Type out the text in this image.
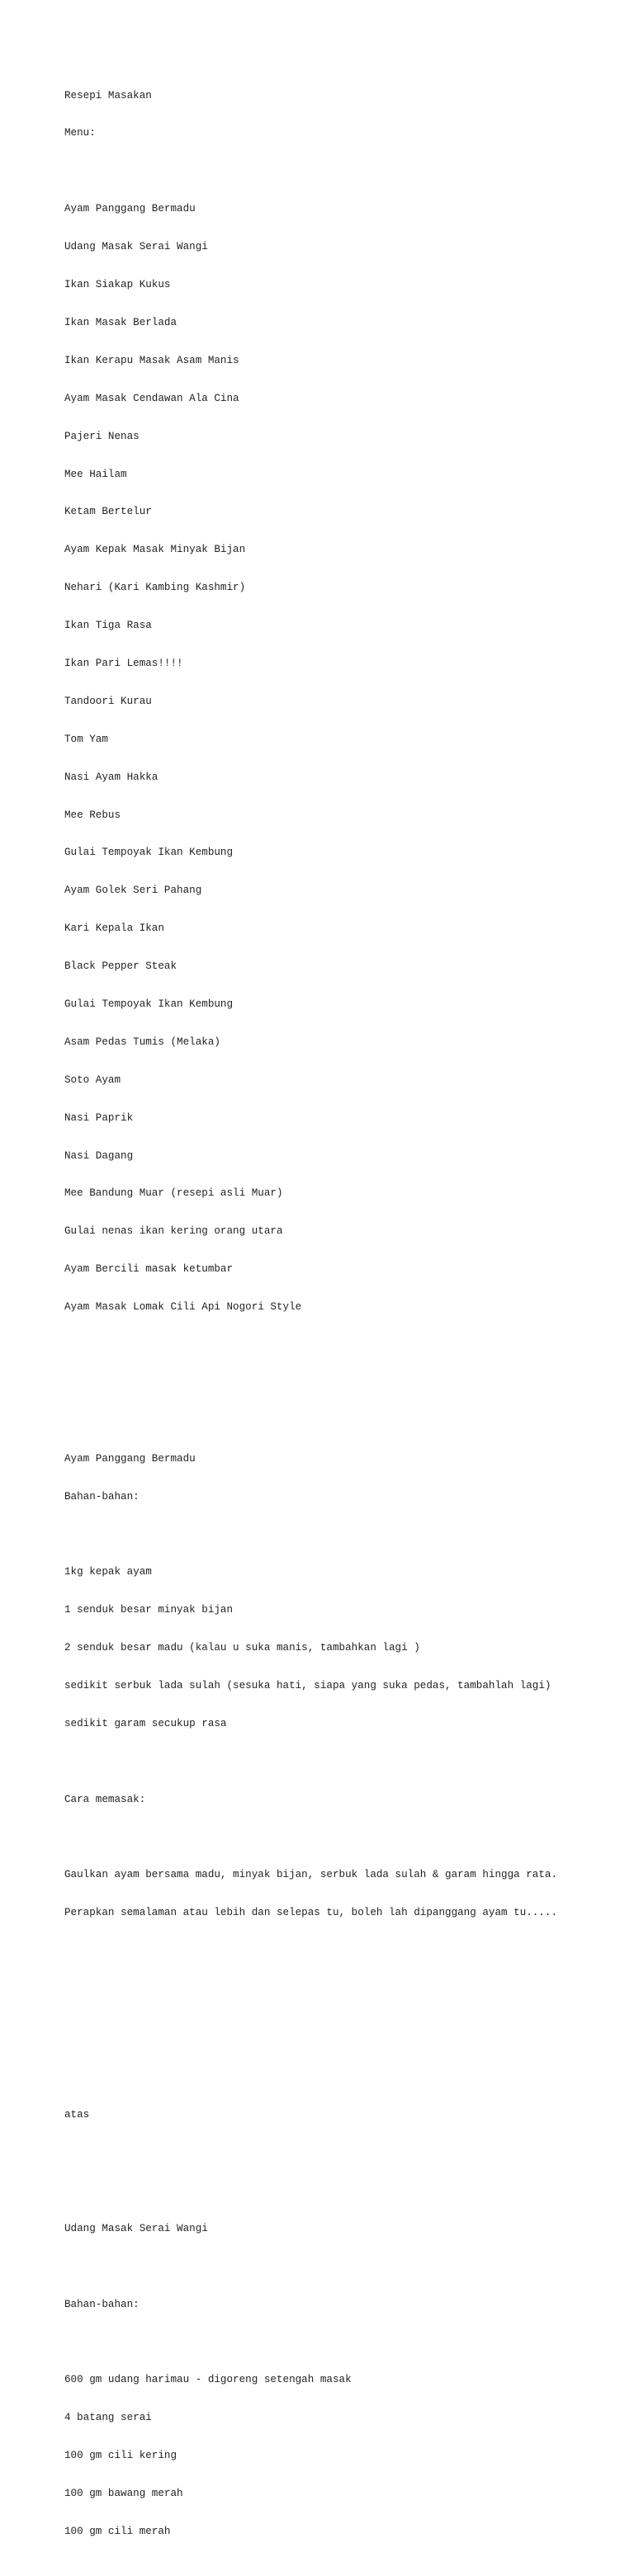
Resepi Masakan

Menu:

Ayam Panggang Bermadu

Udang Masak Serai Wangi

Ikan Siakap Kukus

Ikan Masak Berlada

Ikan Kerapu Masak Asam Manis

Ayam Masak Cendawan Ala Cina

Pajeri Nenas

Mee Hailam

Ketam Bertelur

Ayam Kepak Masak Minyak Bijan

Nehari (Kari Kambing Kashmir)

Ikan Tiga Rasa

Ikan Pari Lemas!!!!

Tandoori Kurau

Tom Yam

Nasi Ayam Hakka

Mee Rebus

Gulai Tempoyak Ikan Kembung

Ayam Golek Seri Pahang

Kari Kepala Ikan

Black Pepper Steak

Gulai Tempoyak Ikan Kembung

Asam Pedas Tumis (Melaka)

Soto Ayam

Nasi Paprik

Nasi Dagang

Mee Bandung Muar (resepi asli Muar)

Gulai nenas ikan kering orang utara

Ayam Bercili masak ketumbar

Ayam Masak Lomak Cili Api Nogori Style

Ayam Panggang Bermadu

Bahan-bahan:

1kg kepak ayam

1 senduk besar minyak bijan

2 senduk besar madu (kalau u suka manis, tambahkan lagi )

sedikit serbuk lada sulah (sesuka hati, siapa yang suka pedas, tambahlah lagi)

sedikit garam secukup rasa

Cara memasak:

Gaulkan ayam bersama madu, minyak bijan, serbuk lada sulah & garam hingga rata.

Perapkan semalaman atau lebih dan selepas tu, boleh lah dipanggang ayam tu.....

atas

Udang Masak Serai Wangi

Bahan-bahan:

600 gm udang harimau - digoreng setengah masak

4 batang serai

100 gm cili kering

100 gm bawang merah

100 gm cili merah
